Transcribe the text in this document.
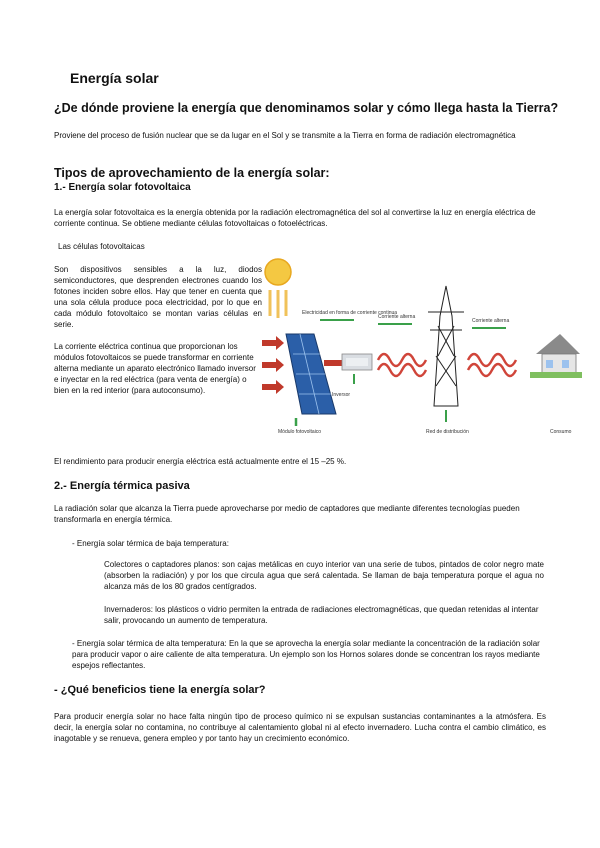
Energía solar
¿De dónde proviene la energía que denominamos solar y cómo llega hasta la Tierra?
Proviene del proceso de fusión nuclear que se da lugar en el Sol y se transmite a la Tierra en forma de radiación electromagnética
Tipos de aprovechamiento de la energía solar:
1.- Energía solar fotovoltaica
La energía solar fotovoltaica es la energía obtenida por la radiación electromagnética del sol al convertirse la luz en energía eléctrica de corriente continua. Se obtiene mediante células fotovoltaicas o fotoeléctricas.
Las células fotovoltaicas
Son dispositivos sensibles a la luz, diodos semiconductores, que desprenden electrones cuando los fotones inciden sobre ellos. Hay que tener en cuenta que una sola célula produce poca electricidad, por lo que en cada módulo fotovoltaico se montan varias células en serie.
La corriente eléctrica continua que proporcionan los módulos fotovoltaicos se puede transformar en corriente alterna mediante un aparato electrónico llamado inversor e inyectar en la red eléctrica (para venta de energía) o bien en la red interior (para autoconsumo).
Electricidad en forma de corriente continua
Inversor
Corriente alterna
Corriente alterna
Consumo
Módulo fotovoltaico	Red de distribución
El rendimiento para producir energía eléctrica está actualmente entre el 15 –25 %.
2.- Energía térmica pasiva
La radiación solar que alcanza la Tierra puede aprovecharse por medio de captadores que mediante diferentes tecnologías pueden transformarla en energía térmica.
- Energía solar térmica de baja temperatura:
Colectores o captadores planos: son cajas metálicas en cuyo interior van una serie de tubos, pintados de color negro mate (absorben la radiación) y por los que circula agua que será calentada. Se llaman de baja temperatura porque el agua no alcanza más de los 80 grados centígrados.
Invernaderos: los plásticos o vidrio permiten la entrada de radiaciones electromagnéticas, que quedan retenidas al intentar salir, provocando un aumento de temperatura.
- Energía solar térmica de alta temperatura: En la que se aprovecha la energía solar mediante la concentración de la radiación solar para producir vapor o aire caliente de alta temperatura. Un ejemplo son los Hornos solares donde se concentran los rayos mediante espejos reflectantes.
- ¿Qué beneficios tiene la energía solar?
Para producir energía solar no hace falta ningún tipo de proceso químico ni se expulsan sustancias contaminantes a la atmósfera. Es decir, la energía solar no contamina, no contribuye al calentamiento global ni al efecto invernadero. Lucha contra el cambio climático, es inagotable y se renueva, genera empleo y por tanto hay un crecimiento económico.
